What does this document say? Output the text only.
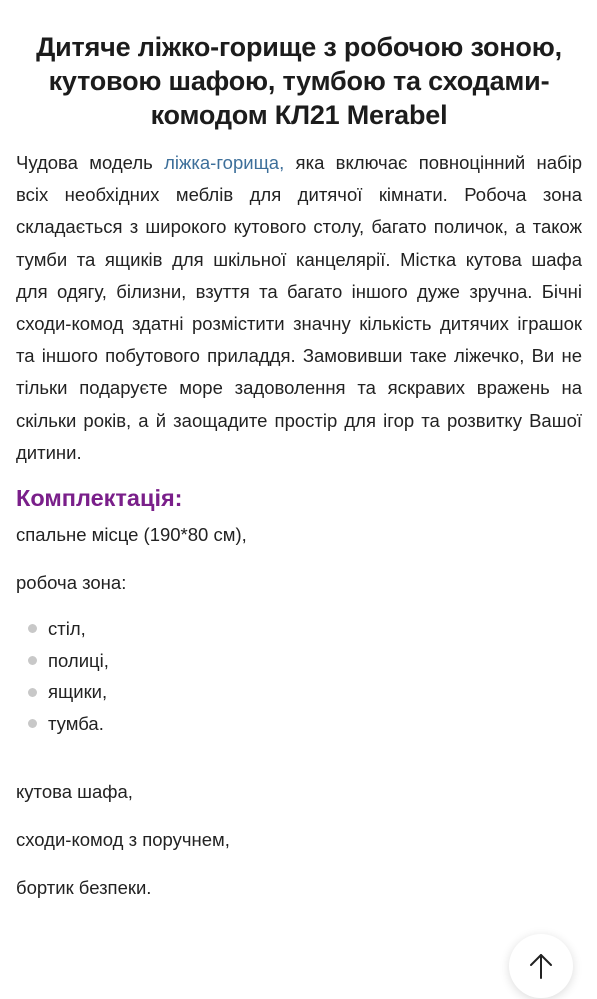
Дитяче ліжко-горище з робочою зоною, кутовою шафою, тумбою та сходами-комодом КЛ21 Merabel

Чудова модель ліжка-горища, яка включає повноцінний набір всіх необхідних меблів для дитячої кімнати. Робоча зона складається з широкого кутового столу, багато поличок, а також тумби та ящиків для шкільної канцелярії. Містка кутова шафа для одягу, білизни, взуття та багато іншого дуже зручна. Бічні сходи-комод здатні розмістити значну кількість дитячих іграшок та іншого побутового приладдя. Замовивши таке ліжечко, Ви не тільки подаруєте море задоволення та яскравих вражень на скільки років, а й заощадите простір для ігор та розвитку Вашої дитини.

Комплектація:

спальне місце (190*80 см),

робоча зона:

стіл,
полиці,
ящики,
тумба.

кутова шафа,

сходи-комод з поручнем,

бортик безпеки.
